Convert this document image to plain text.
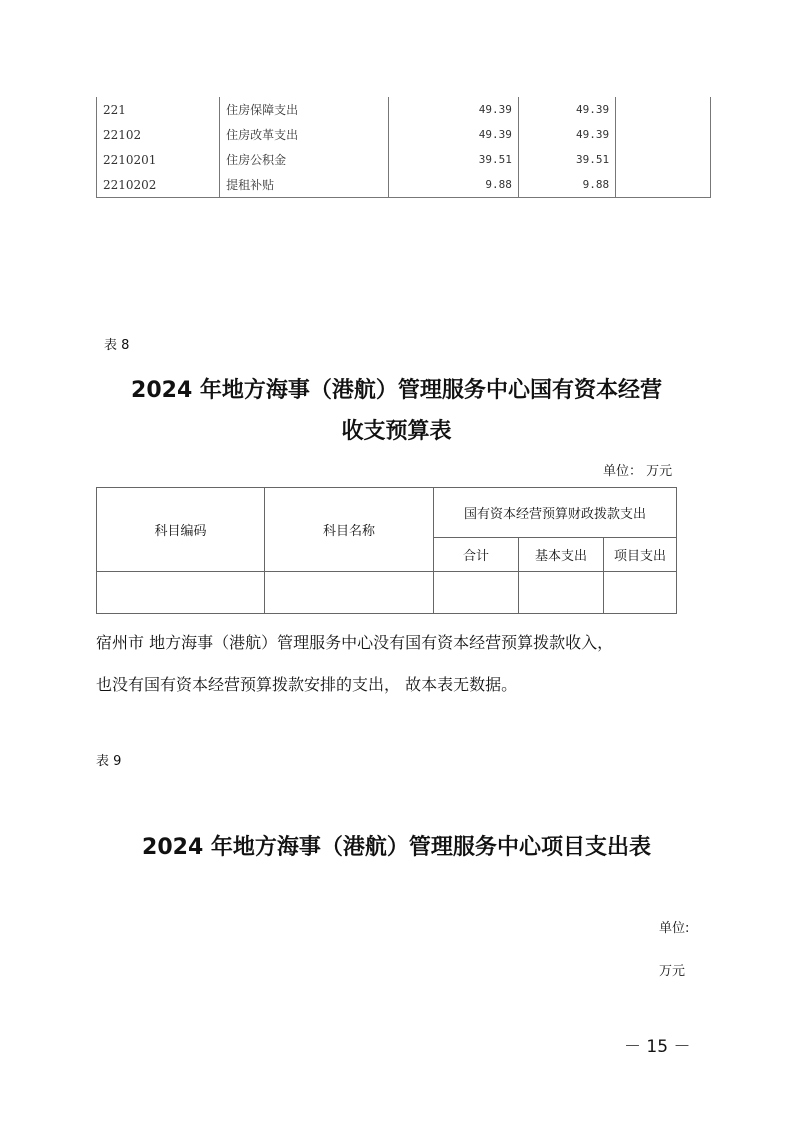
221	住房保障支出	49.39	49.39	
22102	住房改革支出	49.39	49.39	
2210201	住房公积金	39.51	39.51	
2210202	提租补贴	9.88	9.88	
表 8
2024 年地方海事（港航）管理服务中心国有资本经营
收支预算表
单位： 万元
科目编码	科目名称	国有资本经营预算财政拨款支出		
		合计	基本支出	项目支出

宿州市 地方海事（港航）管理服务中心没有国有资本经营预算拨款收入，
也没有国有资本经营预算拨款安排的支出， 故本表无数据。
表 9
2024 年地方海事（港航）管理服务中心项目支出表
单位:
万元
－ 15 －
